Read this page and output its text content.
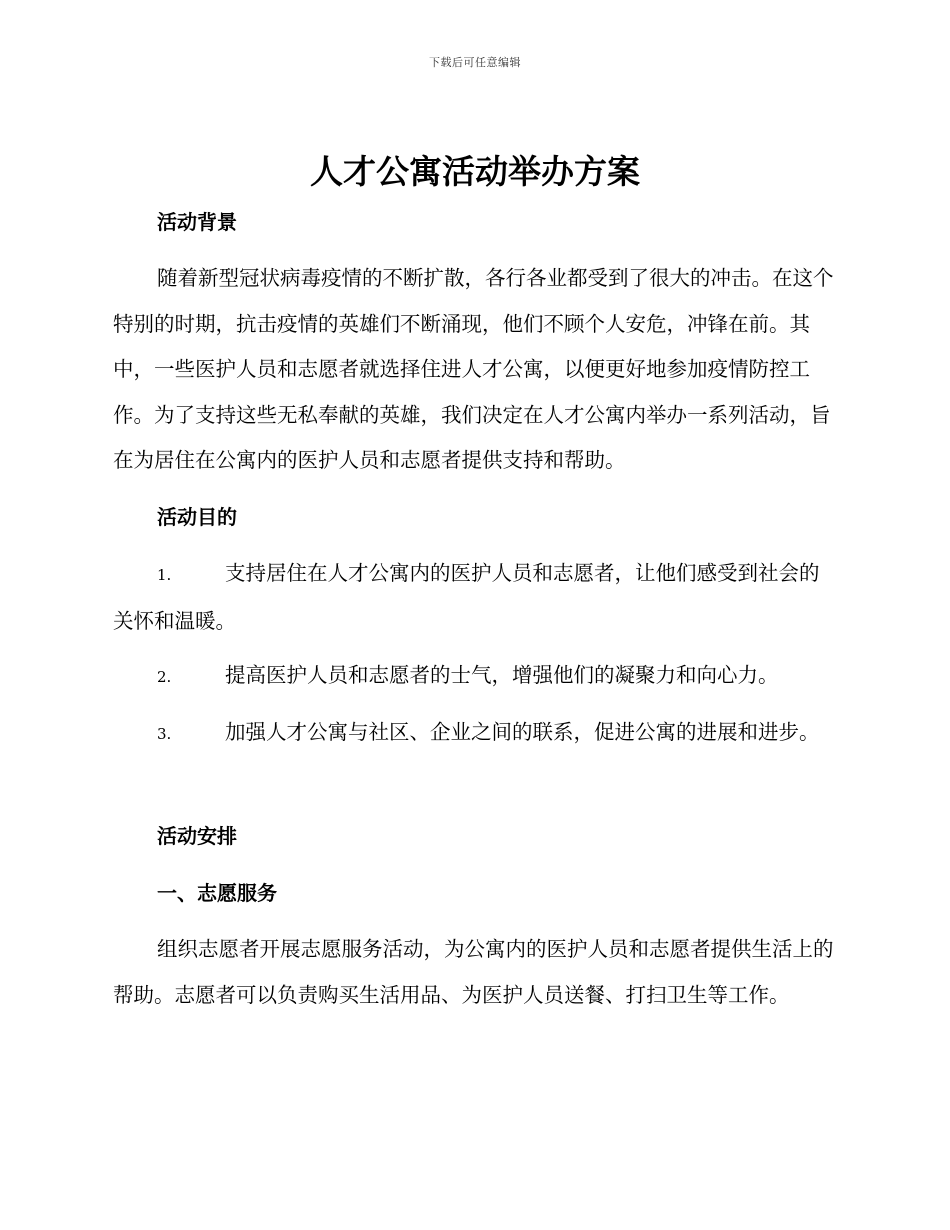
下载后可任意编辑
人才公寓活动举办方案
活动背景

随着新型冠状病毒疫情的不断扩散，各行各业都受到了很大的冲击。在这个特别的时期，抗击疫情的英雄们不断涌现，他们不顾个人安危，冲锋在前。其中，一些医护人员和志愿者就选择住进人才公寓，以便更好地参加疫情防控工作。为了支持这些无私奉献的英雄，我们决定在人才公寓内举办一系列活动，旨在为居住在公寓内的医护人员和志愿者提供支持和帮助。

活动目的

1.	支持居住在人才公寓内的医护人员和志愿者，让他们感受到社会的关怀和温暖。

2.	提高医护人员和志愿者的士气，增强他们的凝聚力和向心力。

3.	加强人才公寓与社区、企业之间的联系，促进公寓的进展和进步。

活动安排
一、志愿服务

组织志愿者开展志愿服务活动，为公寓内的医护人员和志愿者提供生活上的帮助。志愿者可以负责购买生活用品、为医护人员送餐、打扫卫生等工作。
